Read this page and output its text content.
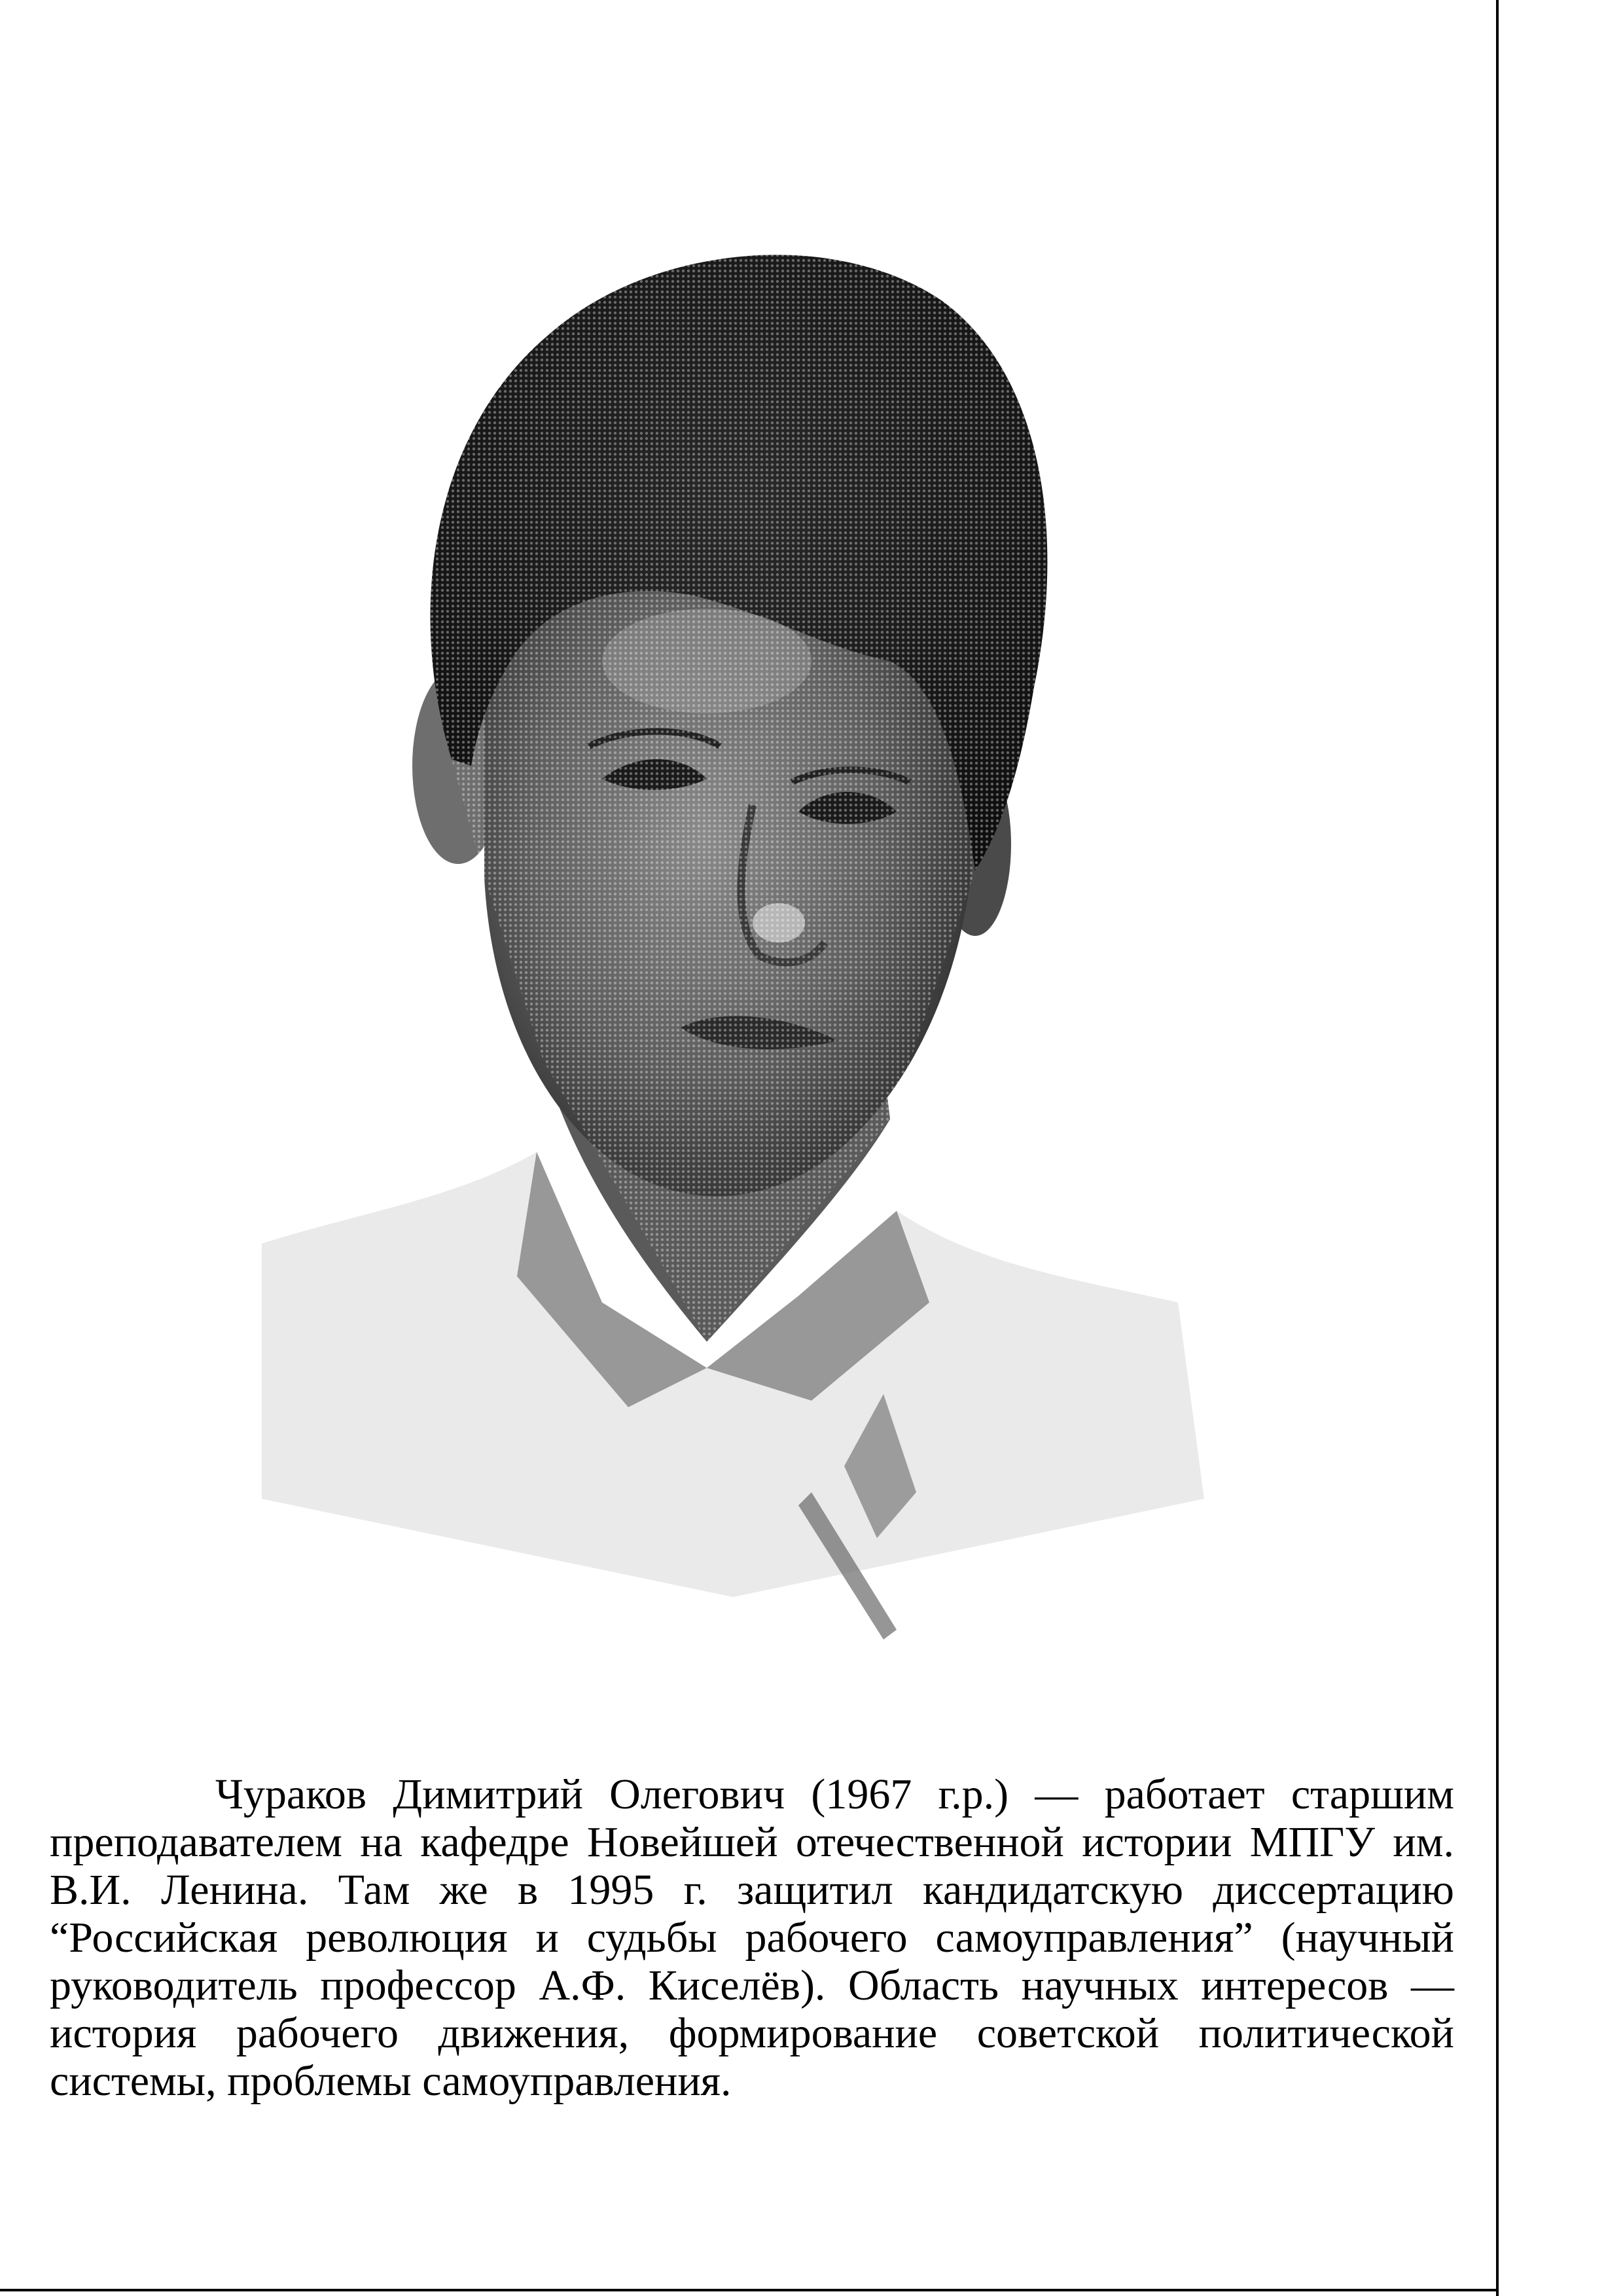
Чураков Димитрий Олегович (1967 г.р.) — работает старшим преподавателем на кафедре Новейшей отечественной истории МПГУ им. В.И. Ленина. Там же в 1995 г. защитил кандидатскую диссертацию “Российская революция и судьбы рабочего самоуправления” (научный руководитель профессор А.Ф. Киселёв). Область научных интересов — история рабочего движения, формирование советской политической системы, проблемы самоуправления.
